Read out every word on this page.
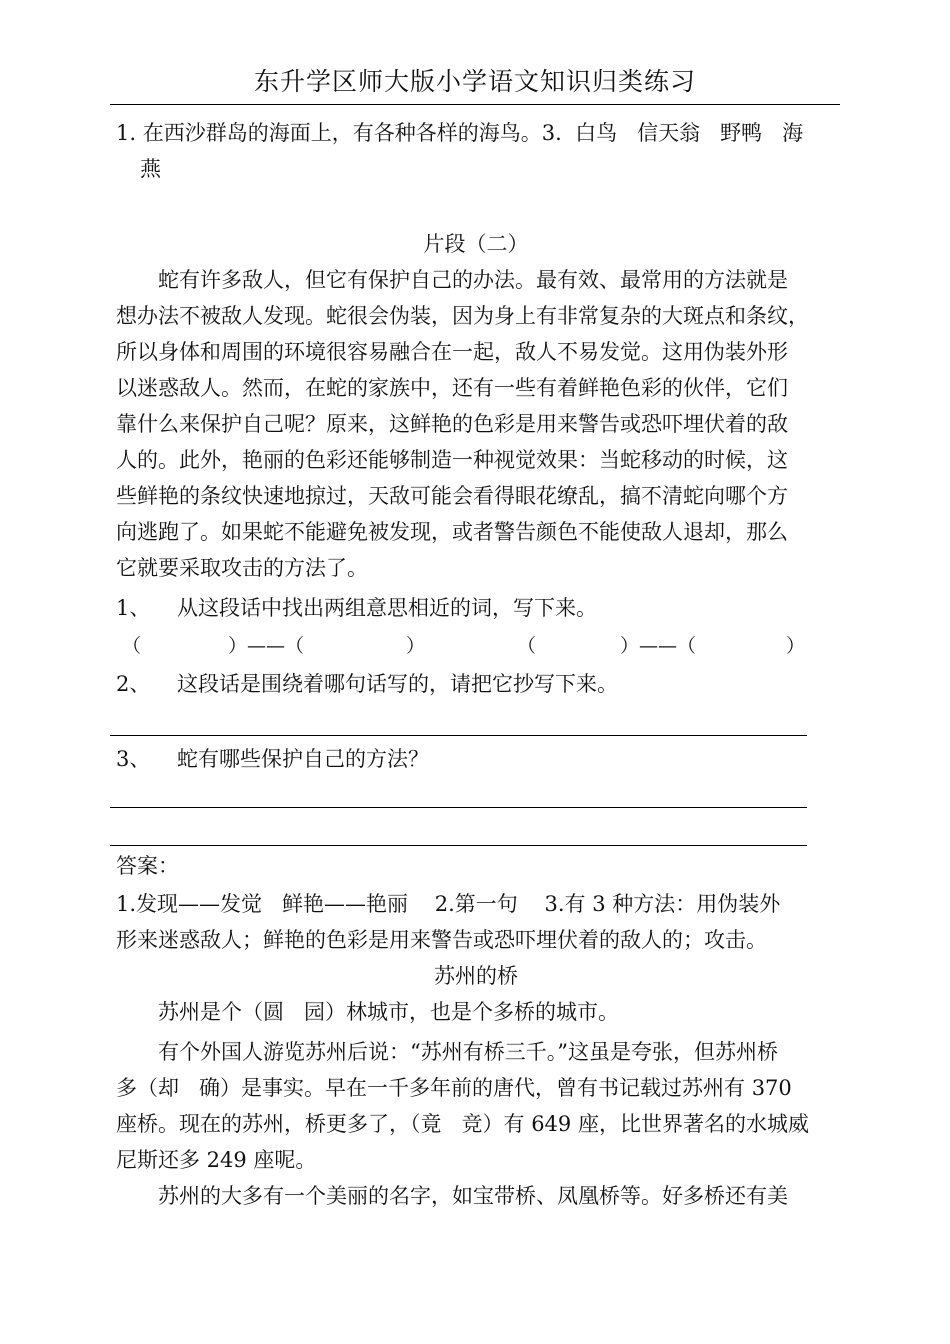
东升学区师大版小学语文知识归类练习
1. 在西沙群岛的海面上，有各种各样的海鸟。3.  白鸟   信天翁   野鸭   海
燕
片段（二）
蛇有许多敌人，但它有保护自己的办法。最有效、最常用的方法就是
想办法不被敌人发现。蛇很会伪装，因为身上有非常复杂的大斑点和条纹，
所以身体和周围的环境很容易融合在一起，敌人不易发觉。这用伪装外形
以迷惑敌人。然而，在蛇的家族中，还有一些有着鲜艳色彩的伙伴，它们
靠什么来保护自己呢？原来，这鲜艳的色彩是用来警告或恐吓埋伏着的敌
人的。此外，艳丽的色彩还能够制造一种视觉效果：当蛇移动的时候，这
些鲜艳的条纹快速地掠过，天敌可能会看得眼花缭乱，搞不清蛇向哪个方
向逃跑了。如果蛇不能避免被发现，或者警告颜色不能使敌人退却，那么
它就要采取攻击的方法了。
1、    从这段话中找出两组意思相近的词，写下来。
（	）——（	）	（	）——（	）
2、    这段话是围绕着哪句话写的，请把它抄写下来。
3、    蛇有哪些保护自己的方法？
答案：
1.发现——发觉   鲜艳——艳丽    2.第一句    3.有 3 种方法：用伪装外
形来迷惑敌人；鲜艳的色彩是用来警告或恐吓埋伏着的敌人的；攻击。
苏州的桥
苏州是个（圆   园）林城市，也是个多桥的城市。
有个外国人游览苏州后说：“苏州有桥三千。”这虽是夸张，但苏州桥
多（却   确）是事实。早在一千多年前的唐代，曾有书记载过苏州有 370
座桥。现在的苏州，桥更多了，（竟   竞）有 649 座，比世界著名的水城威
尼斯还多 249 座呢。
苏州的大多有一个美丽的名字，如宝带桥、凤凰桥等。好多桥还有美
